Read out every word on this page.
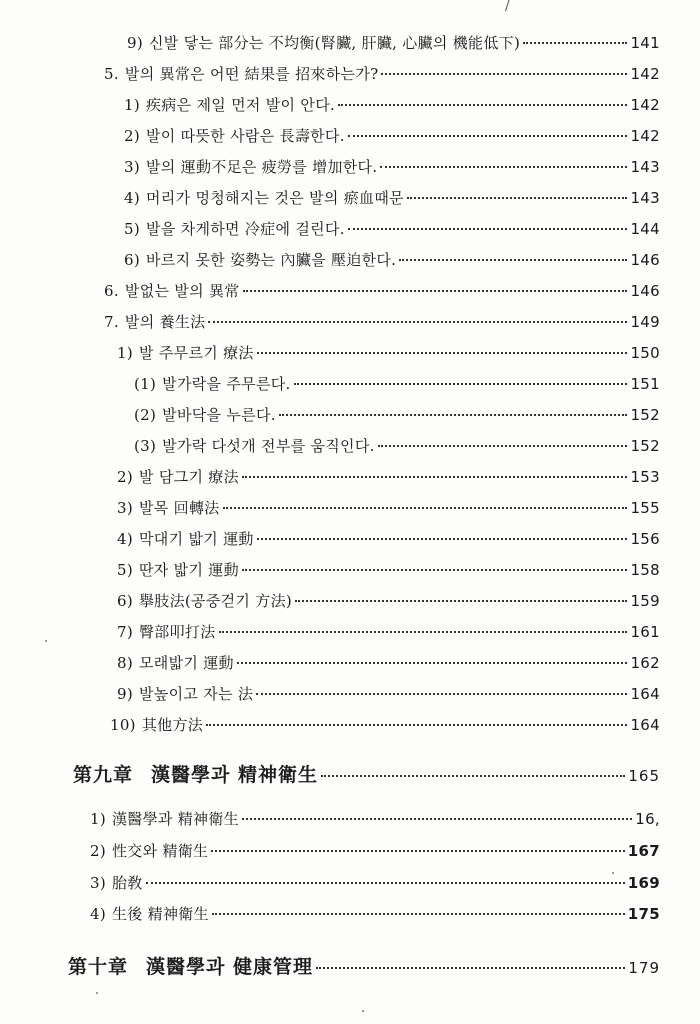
/
9) 신발 닿는 部分는 不均衡(腎臟, 肝臟, 心臟의 機能低下)	141
5. 발의 異常은 어떤 結果를 招來하는가?	142
1) 疾病은 제일 먼저 발이 안다.	142
2) 발이 따뜻한 사람은 長壽한다.	142
3) 발의 運動不足은 疲勞를 增加한다.	143
4) 머리가 멍청해지는 것은 발의 瘀血때문	143
5) 발을 차게하면 冷症에 걸린다.	144
6) 바르지 못한 姿勢는 內臟을 壓迫한다.	146
6. 발없는 발의 異常	146
7. 발의 養生法	149
1) 발 주무르기 療法	150
(1) 발가락을 주무른다.	151
(2) 발바닥을 누른다.	152
(3) 발가락 다섯개 전부를 움직인다.	152
2) 발 담그기 療法	153
3) 발목 回轉法	155
4) 막대기 밟기 運動	156
5) 딴자 밟기 運動	158
6) 擧肢法(공중걷기 方法)	159
7) 臀部叩打法	161
8) 모래밟기 運動	162
9) 발높이고 자는 法	164
10) 其他方法	164
第九章 漢醫學과 精神衛生	165
1) 漢醫學과 精神衛生	16,
2) 性交와 精衛生	167
3) 胎敎	169
4) 生後 精神衛生	175
第十章 漢醫學과 健康管理	179
